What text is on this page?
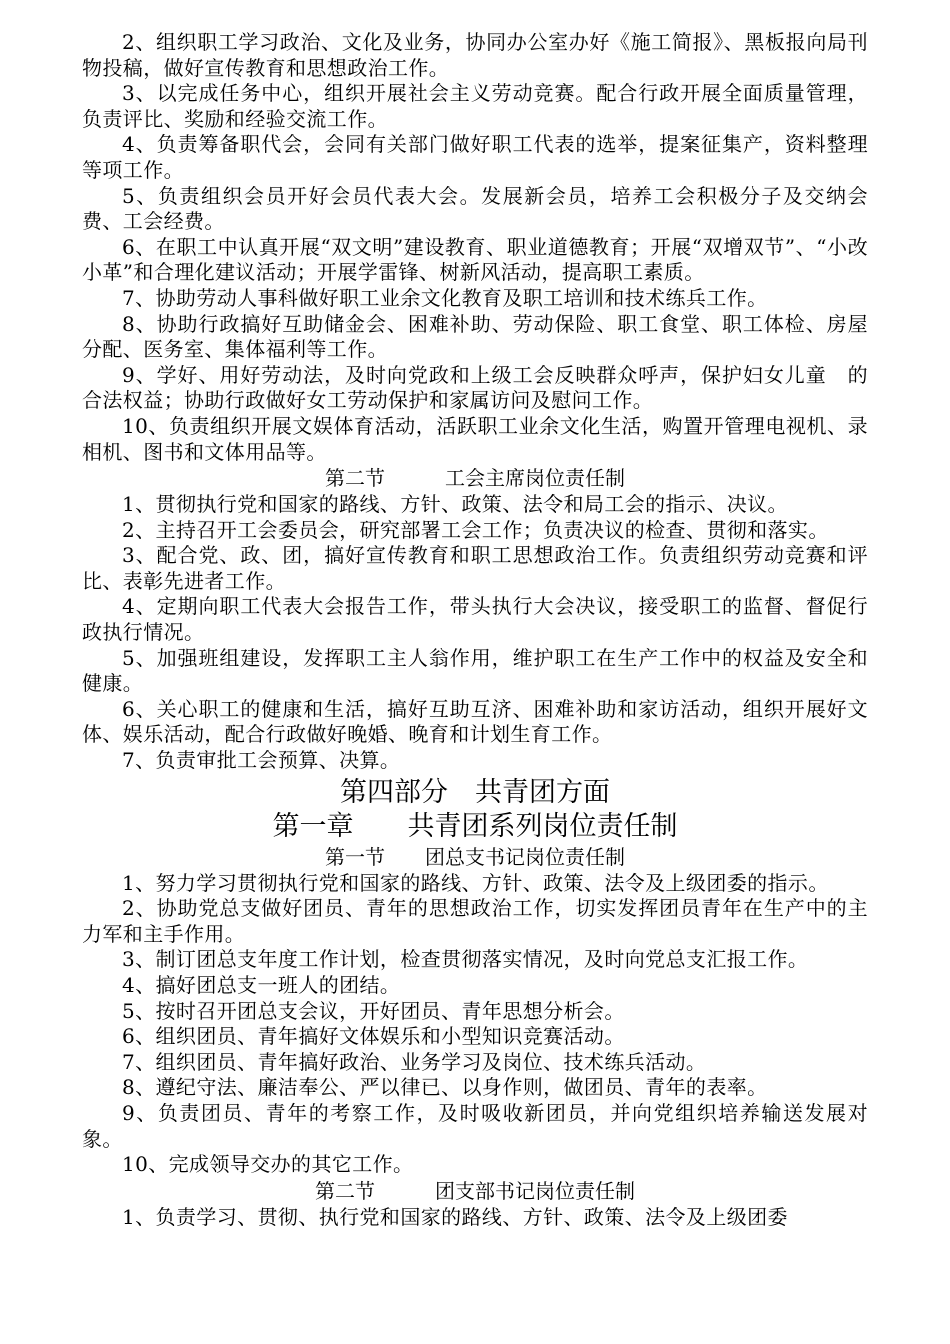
2、组织职工学习政治、文化及业务，协同办公室办好《施工简报》、黑板报向局刊物投稿，做好宣传教育和思想政治工作。

3、以完成任务中心，组织开展社会主义劳动竞赛。配合行政开展全面质量管理，负责评比、奖励和经验交流工作。

4、负责筹备职代会，会同有关部门做好职工代表的选举，提案征集产，资料整理等项工作。

5、负责组织会员开好会员代表大会。发展新会员，培养工会积极分子及交纳会费、工会经费。

6、在职工中认真开展“双文明”建设教育、职业道德教育；开展“双增双节”、“小改小革”和合理化建议活动；开展学雷锋、树新风活动，提高职工素质。

7、协助劳动人事科做好职工业余文化教育及职工培训和技术练兵工作。

8、协助行政搞好互助储金会、困难补助、劳动保险、职工食堂、职工体检、房屋分配、医务室、集体福利等工作。

9、学好、用好劳动法，及时向党政和上级工会反映群众呼声，保护妇女儿童　的合法权益；协助行政做好女工劳动保护和家属访问及慰问工作。

10、负责组织开展文娱体育活动，活跃职工业余文化生活，购置开管理电视机、录相机、图书和文体用品等。

第二节　　　工会主席岗位责任制

1、贯彻执行党和国家的路线、方针、政策、法令和局工会的指示、决议。

2、主持召开工会委员会，研究部署工会工作；负责决议的检查、贯彻和落实。

3、配合党、政、团，搞好宣传教育和职工思想政治工作。负责组织劳动竞赛和评比、表彰先进者工作。

4、定期向职工代表大会报告工作，带头执行大会决议，接受职工的监督、督促行政执行情况。

5、加强班组建设，发挥职工主人翁作用，维护职工在生产工作中的权益及安全和健康。

6、关心职工的健康和生活，搞好互助互济、困难补助和家访活动，组织开展好文体、娱乐活动，配合行政做好晚婚、晚育和计划生育工作。

7、负责审批工会预算、决算。

第四部分　共青团方面

第一章　　共青团系列岗位责任制

第一节　　团总支书记岗位责任制

1、努力学习贯彻执行党和国家的路线、方针、政策、法令及上级团委的指示。

2、协助党总支做好团员、青年的思想政治工作，切实发挥团员青年在生产中的主力军和主手作用。

3、制订团总支年度工作计划，检查贯彻落实情况，及时向党总支汇报工作。

4、搞好团总支一班人的团结。

5、按时召开团总支会议，开好团员、青年思想分析会。

6、组织团员、青年搞好文体娱乐和小型知识竞赛活动。

7、组织团员、青年搞好政治、业务学习及岗位、技术练兵活动。

8、遵纪守法、廉洁奉公、严以律已、以身作则，做团员、青年的表率。

9、负责团员、青年的考察工作，及时吸收新团员，并向党组织培养输送发展对象。

10、完成领导交办的其它工作。

第二节　　　团支部书记岗位责任制

1、负责学习、贯彻、执行党和国家的路线、方针、政策、法令及上级团委
